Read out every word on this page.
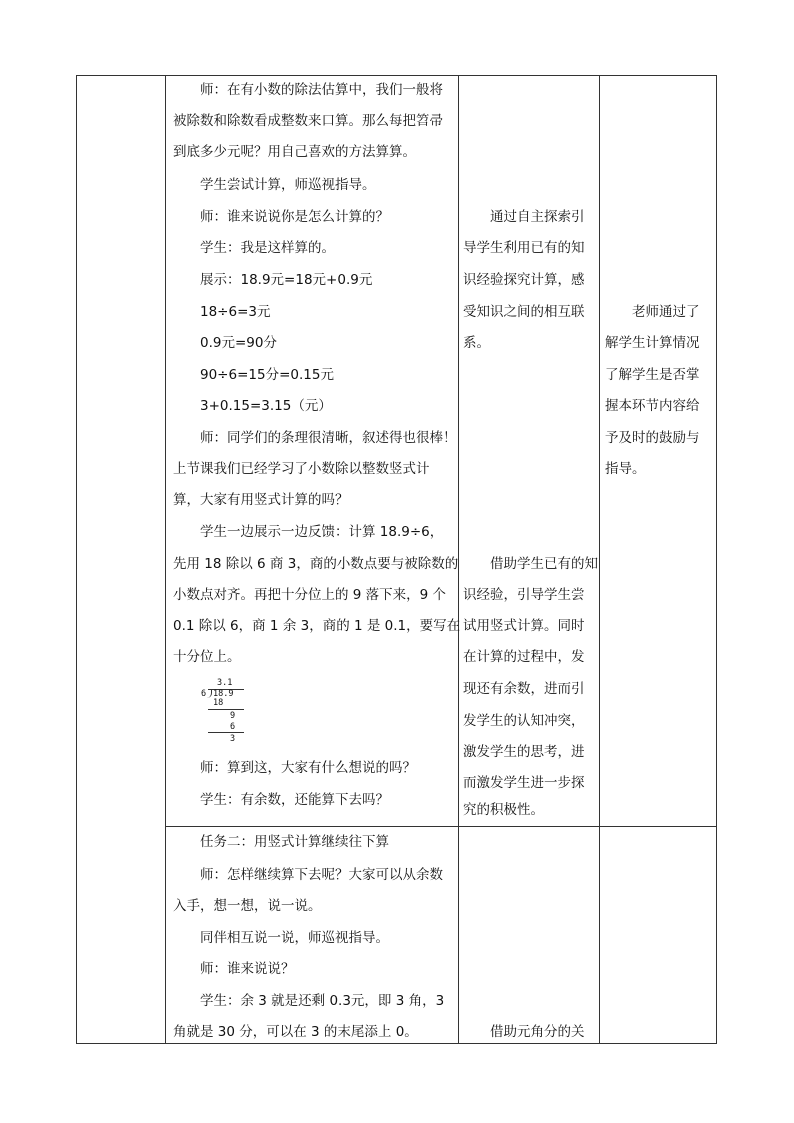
　　师：在有小数的除法估算中，我们一般将
被除数和除数看成整数来口算。那么每把笤帚
到底多少元呢？用自己喜欢的方法算算。
　　学生尝试计算，师巡视指导。
　　师：谁来说说你是怎么计算的？
　　学生：我是这样算的。
　　展示：18.9元=18元+0.9元
　　18÷6=3元
　　0.9元=90分
　　90÷6=15分=0.15元
　　3+0.15=3.15（元）
　　师：同学们的条理很清晰，叙述得也很棒！
上节课我们已经学习了小数除以整数竖式计
算，大家有用竖式计算的吗？
　　学生一边展示一边反馈：计算 18.9÷6，
先用 18 除以 6 商 3，商的小数点要与被除数的
小数点对齐。再把十分位上的 9 落下来，9 个
0.1 除以 6，商 1 余 3，商的 1 是 0.1，要写在
十分位上。
3.1
6 18.9
18
9
6
3
　　师：算到这，大家有什么想说的吗？
　　学生：有余数，还能算下去吗？
　　通过自主探索引
导学生利用已有的知
识经验探究计算，感
受知识之间的相互联
系。
　　借助学生已有的知
识经验，引导学生尝
试用竖式计算。同时
在计算的过程中，发
现还有余数，进而引
发学生的认知冲突，
激发学生的思考，进
而激发学生进一步探
究的积极性。
　　老师通过了
解学生计算情况
了解学生是否掌
握本环节内容给
予及时的鼓励与
指导。
　　任务二：用竖式计算继续往下算
　　师：怎样继续算下去呢？大家可以从余数
入手，想一想，说一说。
　　同伴相互说一说，师巡视指导。
　　师：谁来说说？
　　学生：余 3 就是还剩 0.3元，即 3 角，3
角就是 30 分，可以在 3 的末尾添上 0。	　　借助元角分的关
